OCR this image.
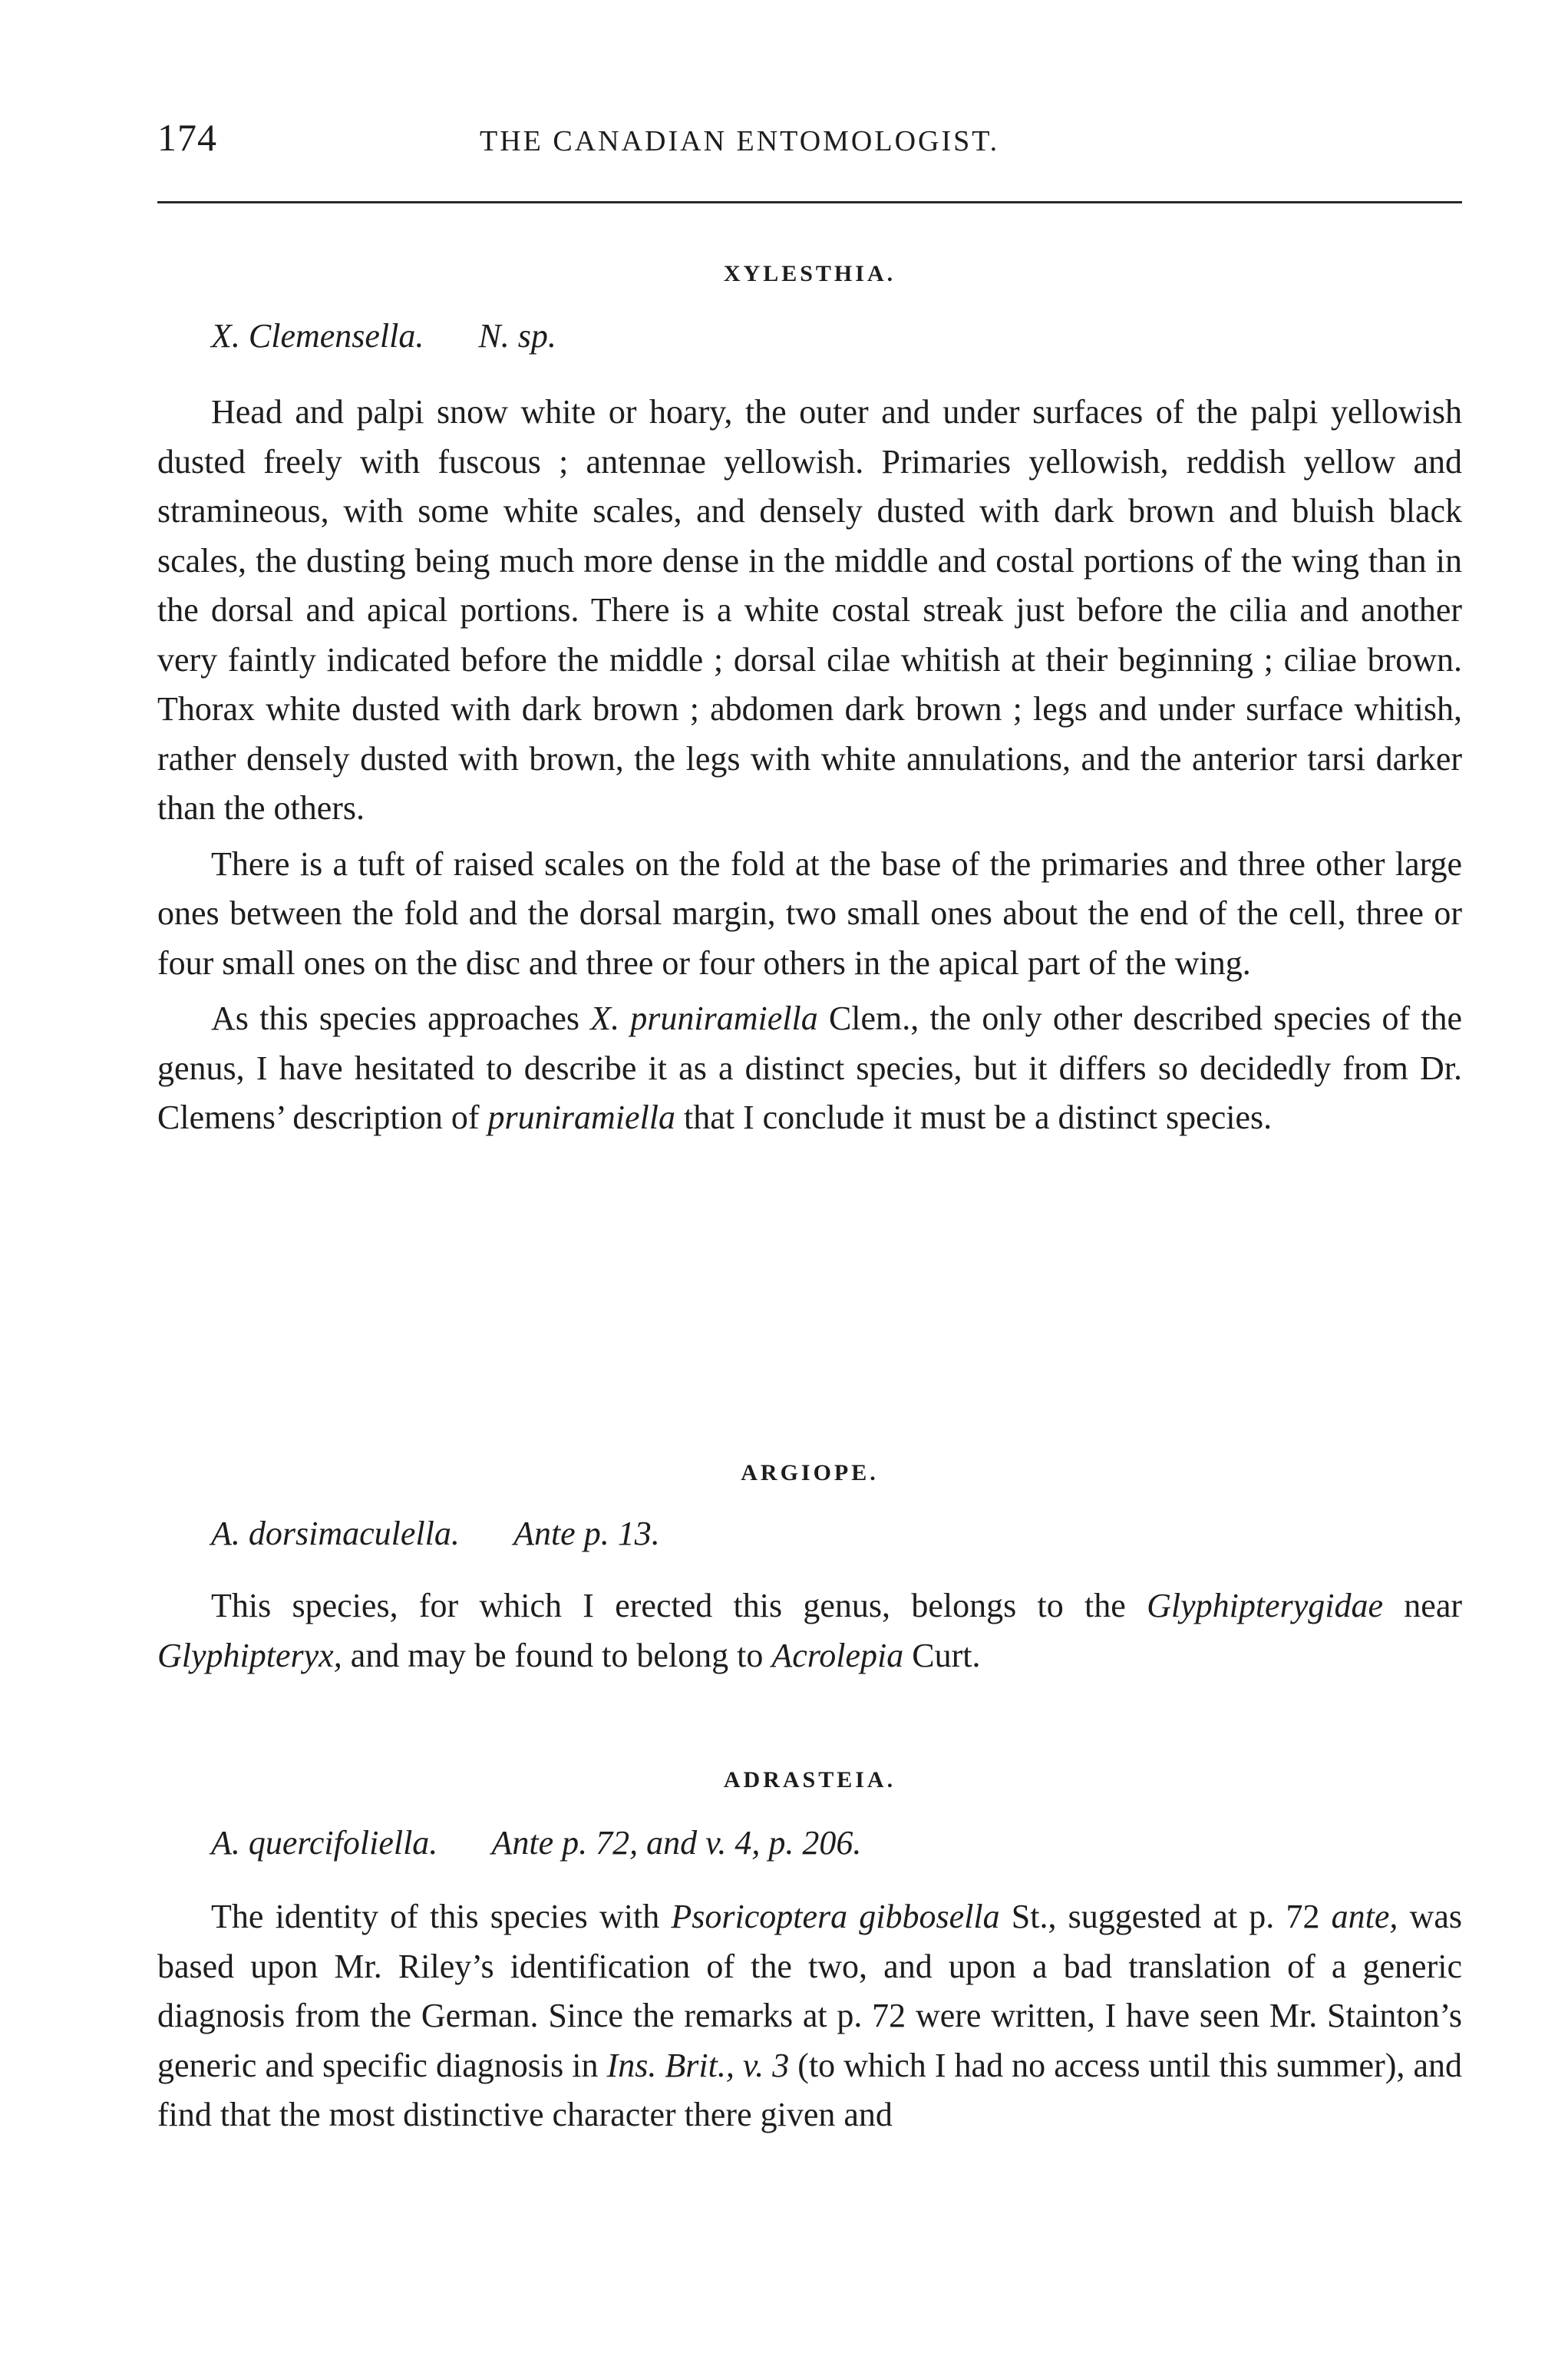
174	THE CANADIAN ENTOMOLOGIST.
XYLESTHIA.
X. Clemensella. N. sp.

Head and palpi snow white or hoary, the outer and under surfaces of the palpi yellowish dusted freely with fuscous ; antennae yellowish. Primaries yellowish, reddish yellow and stramineous, with some white scales, and densely dusted with dark brown and bluish black scales, the dusting being much more dense in the middle and costal portions of the wing than in the dorsal and apical portions. There is a white costal streak just before the cilia and another very faintly indicated before the middle ; dorsal cilae whitish at their beginning ; ciliae brown. Thorax white dusted with dark brown ; abdomen dark brown ; legs and under surface whitish, rather densely dusted with brown, the legs with white annulations, and the anterior tarsi darker than the others.

There is a tuft of raised scales on the fold at the base of the primaries and three other large ones between the fold and the dorsal margin, two small ones about the end of the cell, three or four small ones on the disc and three or four others in the apical part of the wing.

As this species approaches X. pruniramiella Clem., the only other described species of the genus, I have hesitated to describe it as a distinct species, but it differs so decidedly from Dr. Clemens’ description of pruniramiella that I conclude it must be a distinct species.

ARGIOPE.
A. dorsimaculella. Ante p. 13.

This species, for which I erected this genus, belongs to the Glyphipterygidae near Glyphipteryx, and may be found to belong to Acrolepia Curt.

ADRASTEIA.
A. quercifoliella. Ante p. 72, and v. 4, p. 206.

The identity of this species with Psoricoptera gibbosella St., suggested at p. 72 ante, was based upon Mr. Riley’s identification of the two, and upon a bad translation of a generic diagnosis from the German. Since the remarks at p. 72 were written, I have seen Mr. Stainton’s generic and specific diagnosis in Ins. Brit., v. 3 (to which I had no access until this summer), and find that the most distinctive character there given and
